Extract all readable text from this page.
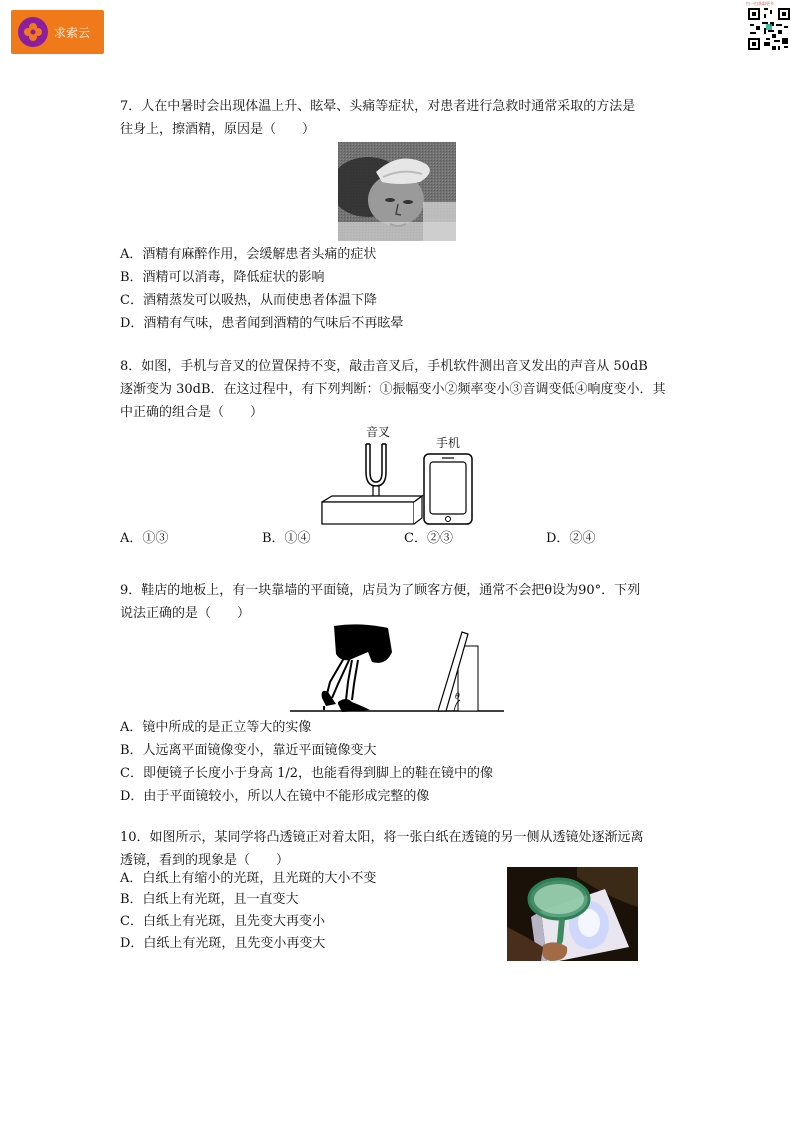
求索云
扫一扫获取更多
7．人在中暑时会出现体温上升、眩晕、头痛等症状，对患者进行急救时通常采取的方法是
往身上，擦酒精，原因是（　　）
A．酒精有麻醉作用，会缓解患者头痛的症状
B．酒精可以消毒，降低症状的影响
C．酒精蒸发可以吸热，从而使患者体温下降
D．酒精有气味，患者闻到酒精的气味后不再眩晕
8．如图，手机与音叉的位置保持不变，敲击音叉后，手机软件测出音叉发出的声音从 50dB
逐渐变为 30dB．在这过程中，有下列判断：①振幅变小②频率变小③音调变低④响度变小．其
中正确的组合是（　　）
音叉
手机
A．①③	B．①④	C．②③	D．②④
9．鞋店的地板上，有一块靠墙的平面镜，店员为了顾客方便，通常不会把θ设为90°．下列
说法正确的是（　　）
θ
A．镜中所成的是正立等大的实像
B．人远离平面镜像变小，靠近平面镜像变大
C．即便镜子长度小于身高 1/2，也能看得到脚上的鞋在镜中的像
D．由于平面镜较小，所以人在镜中不能形成完整的像
10．如图所示，某同学将凸透镜正对着太阳，将一张白纸在透镜的另一侧从透镜处逐渐远离
透镜，看到的现象是（　　）
A．白纸上有缩小的光斑，且光斑的大小不变
B．白纸上有光斑，且一直变大
C．白纸上有光斑，且先变大再变小
D．白纸上有光斑，且先变小再变大
